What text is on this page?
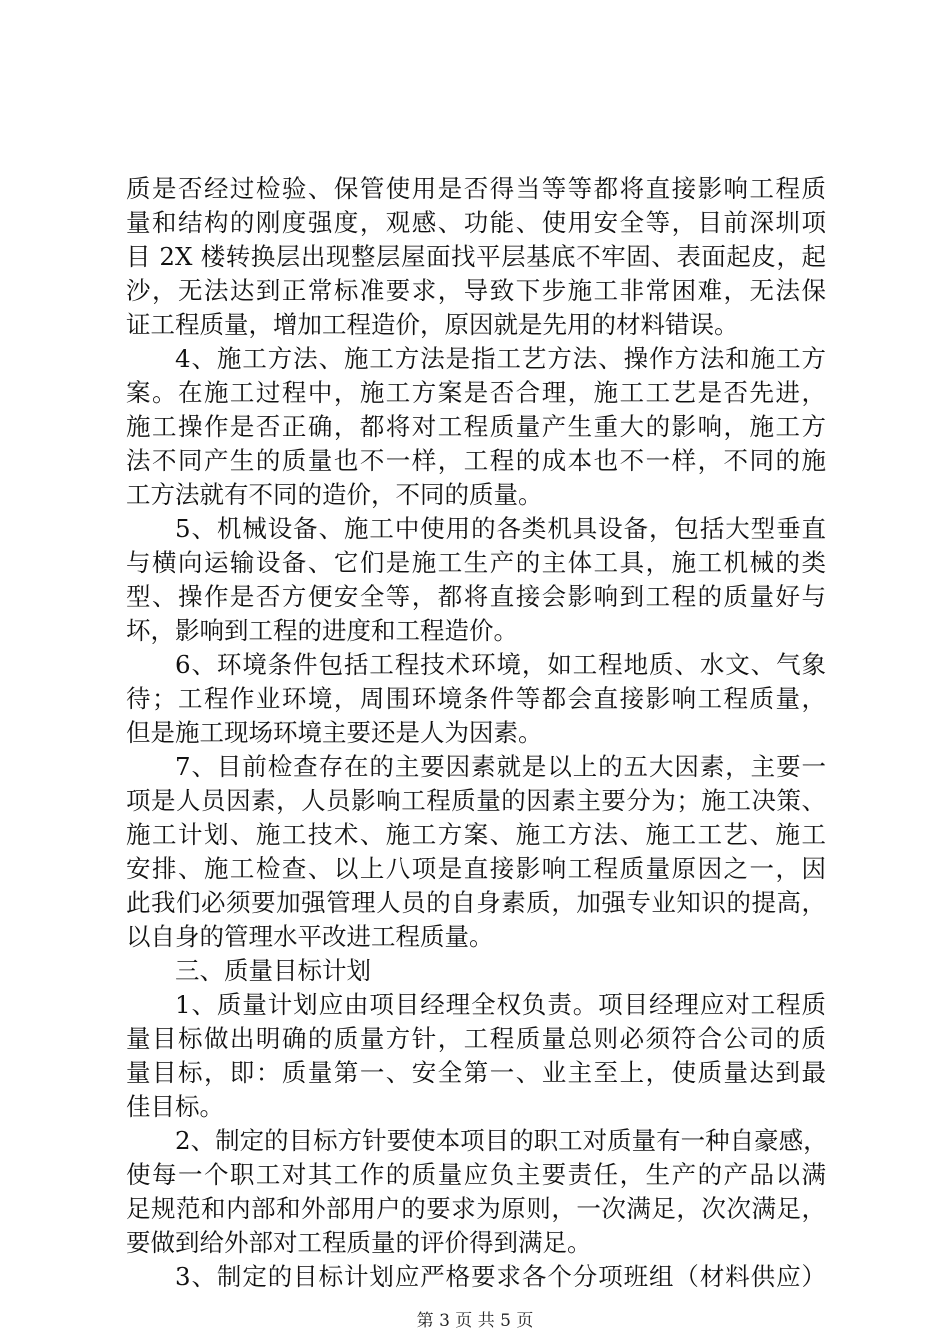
质是否经过检验、保管使用是否得当等等都将直接影响工程质
量和结构的刚度强度，观感、功能、使用安全等，目前深圳项
目 2X 楼转换层出现整层屋面找平层基底不牢固、表面起皮，起
沙，无法达到正常标准要求，导致下步施工非常困难，无法保
证工程质量，增加工程造价，原因就是先用的材料错误。
4、施工方法、施工方法是指工艺方法、操作方法和施工方
案。在施工过程中，施工方案是否合理，施工工艺是否先进，
施工操作是否正确，都将对工程质量产生重大的影响，施工方
法不同产生的质量也不一样，工程的成本也不一样，不同的施
工方法就有不同的造价，不同的质量。
5、机械设备、施工中使用的各类机具设备，包括大型垂直
与横向运输设备、它们是施工生产的主体工具，施工机械的类
型、操作是否方便安全等，都将直接会影响到工程的质量好与
坏，影响到工程的进度和工程造价。
6、环境条件包括工程技术环境，如工程地质、水文、气象
待；工程作业环境，周围环境条件等都会直接影响工程质量，
但是施工现场环境主要还是人为因素。
7、目前检查存在的主要因素就是以上的五大因素，主要一
项是人员因素，人员影响工程质量的因素主要分为；施工决策、
施工计划、施工技术、施工方案、施工方法、施工工艺、施工
安排、施工检查、以上八项是直接影响工程质量原因之一，因
此我们必须要加强管理人员的自身素质，加强专业知识的提高，
以自身的管理水平改进工程质量。
三、质量目标计划
1、质量计划应由项目经理全权负责。项目经理应对工程质
量目标做出明确的质量方针，工程质量总则必须符合公司的质
量目标，即：质量第一、安全第一、业主至上，使质量达到最
佳目标。
2、制定的目标方针要使本项目的职工对质量有一种自豪感，
使每一个职工对其工作的质量应负主要责任，生产的产品以满
足规范和内部和外部用户的要求为原则，一次满足，次次满足，
要做到给外部对工程质量的评价得到满足。
3、制定的目标计划应严格要求各个分项班组（材料供应）
第 3 页 共 5 页
